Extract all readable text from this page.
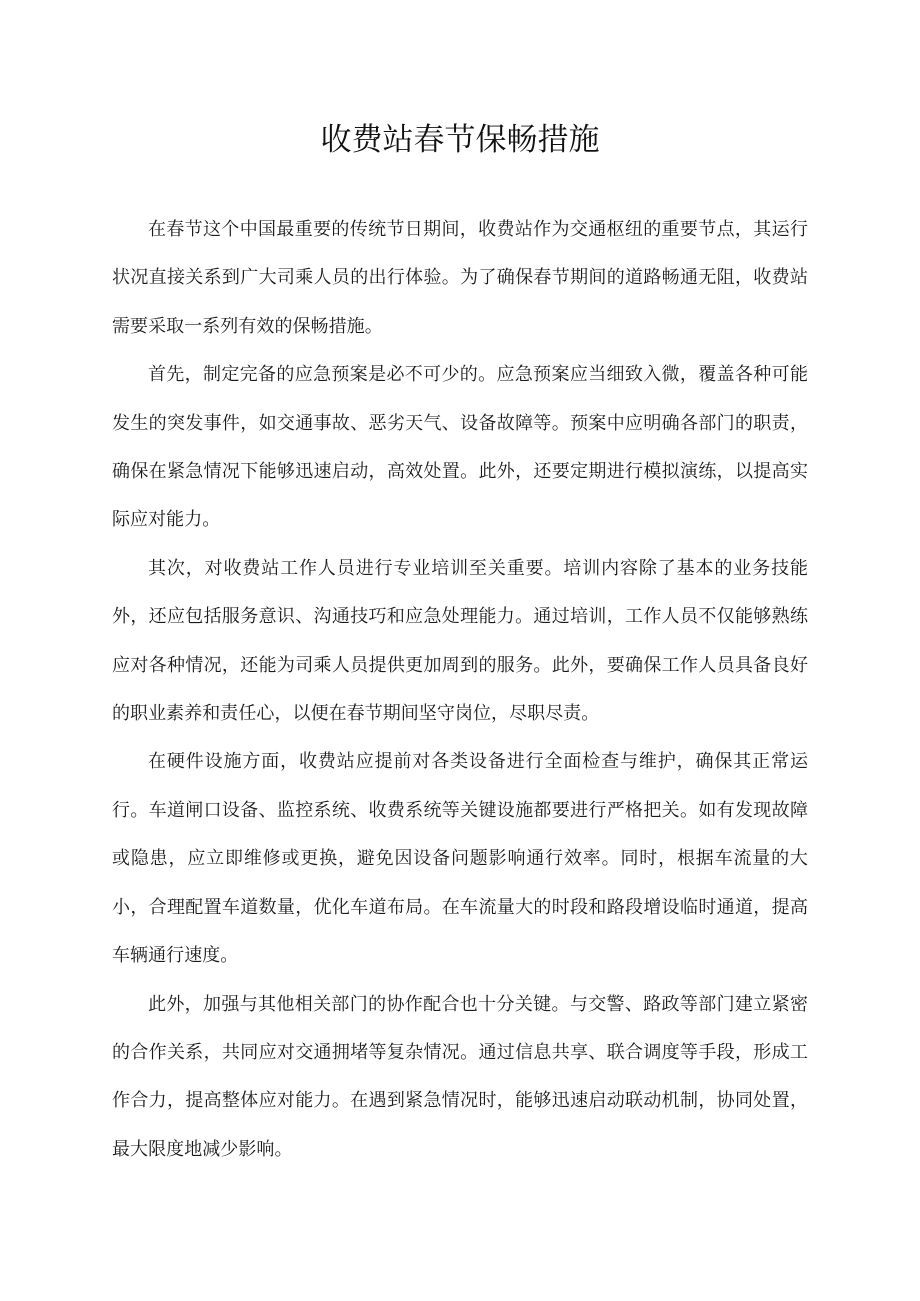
收费站春节保畅措施

在春节这个中国最重要的传统节日期间，收费站作为交通枢纽的重要节点，其运行状况直接关系到广大司乘人员的出行体验。为了确保春节期间的道路畅通无阻，收费站需要采取一系列有效的保畅措施。

首先，制定完备的应急预案是必不可少的。应急预案应当细致入微，覆盖各种可能发生的突发事件，如交通事故、恶劣天气、设备故障等。预案中应明确各部门的职责，确保在紧急情况下能够迅速启动，高效处置。此外，还要定期进行模拟演练，以提高实际应对能力。

其次，对收费站工作人员进行专业培训至关重要。培训内容除了基本的业务技能外，还应包括服务意识、沟通技巧和应急处理能力。通过培训，工作人员不仅能够熟练应对各种情况，还能为司乘人员提供更加周到的服务。此外，要确保工作人员具备良好的职业素养和责任心，以便在春节期间坚守岗位，尽职尽责。

在硬件设施方面，收费站应提前对各类设备进行全面检查与维护，确保其正常运行。车道闸口设备、监控系统、收费系统等关键设施都要进行严格把关。如有发现故障或隐患，应立即维修或更换，避免因设备问题影响通行效率。同时，根据车流量的大小，合理配置车道数量，优化车道布局。在车流量大的时段和路段增设临时通道，提高车辆通行速度。

此外，加强与其他相关部门的协作配合也十分关键。与交警、路政等部门建立紧密的合作关系，共同应对交通拥堵等复杂情况。通过信息共享、联合调度等手段，形成工作合力，提高整体应对能力。在遇到紧急情况时，能够迅速启动联动机制，协同处置，最大限度地减少影响。
